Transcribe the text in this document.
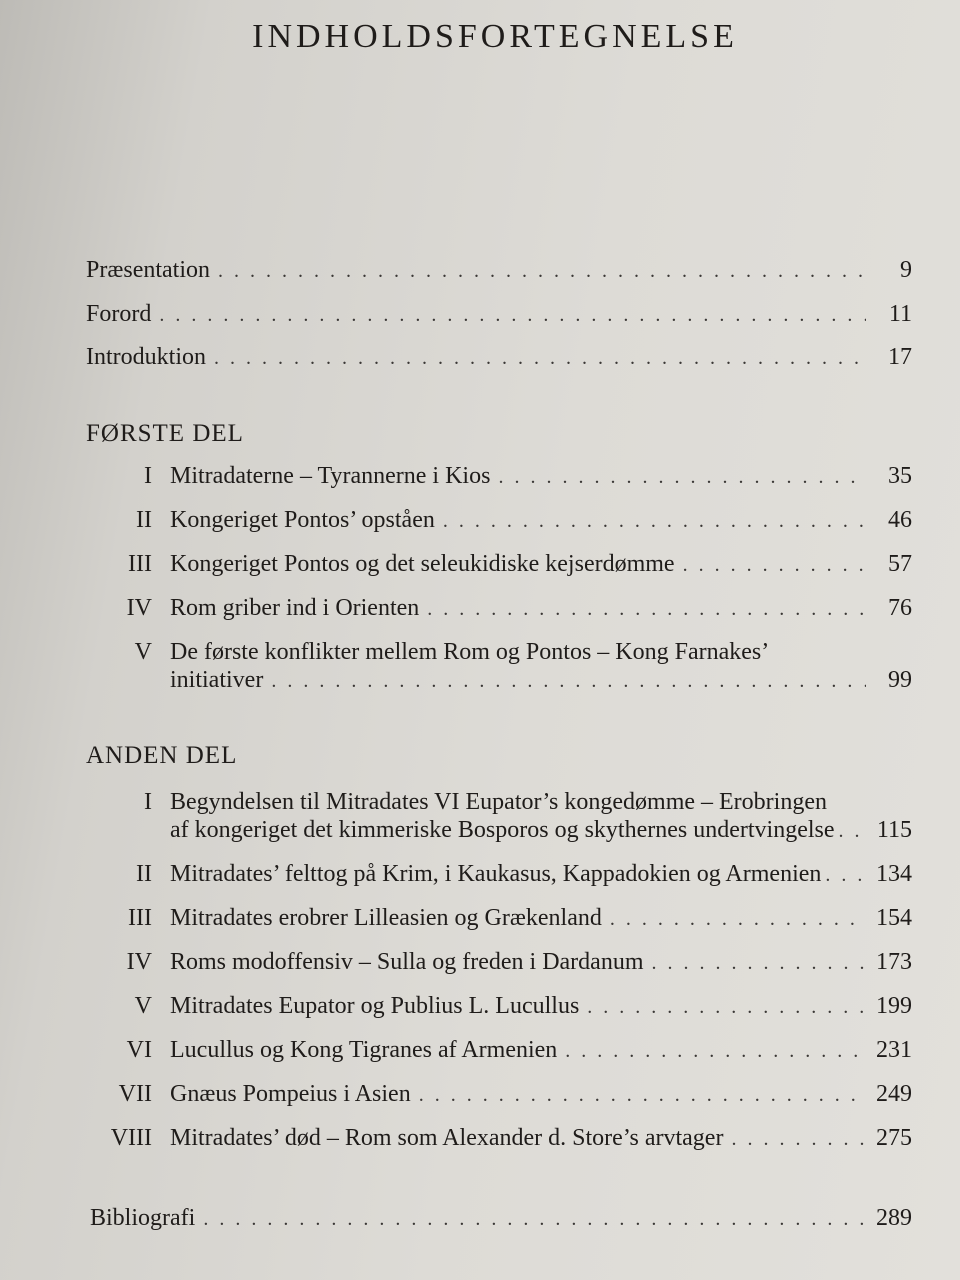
INDHOLDSFORTEGNELSE
Præsentation . . .	9
Forord . . .	11
Introduktion . . .	17
FØRSTE DEL
I Mitradaterne – Tyrannerne i Kios . . .	35
II Kongeriget Pontos’ opståen . . .	46
III Kongeriget Pontos og det seleukidiske kejserdømme . . .	57
IV Rom griber ind i Orienten . . .	76
V De første konflikter mellem Rom og Pontos – Kong Farnakes’
initiativer . . .	99
ANDEN DEL
I Begyndelsen til Mitradates VI Eupator’s kongedømme – Erobringen
af kongeriget det kimmeriske Bosporos og skythernes undertvingelse . . . 115
II Mitradates’ felttog på Krim, i Kaukasus, Kappadokien og Armenien . . . 134
III Mitradates erobrer Lilleasien og Grækenland . . .	154
IV Roms modoffensiv – Sulla og freden i Dardanum . . .	173
V Mitradates Eupator og Publius L. Lucullus . . .	199
VI Lucullus og Kong Tigranes af Armenien . . .	231
VII Gnæus Pompeius i Asien . . .	249
VIII Mitradates’ død – Rom som Alexander d. Store’s arvtager . . .	275
Bibliografi . . .	289
